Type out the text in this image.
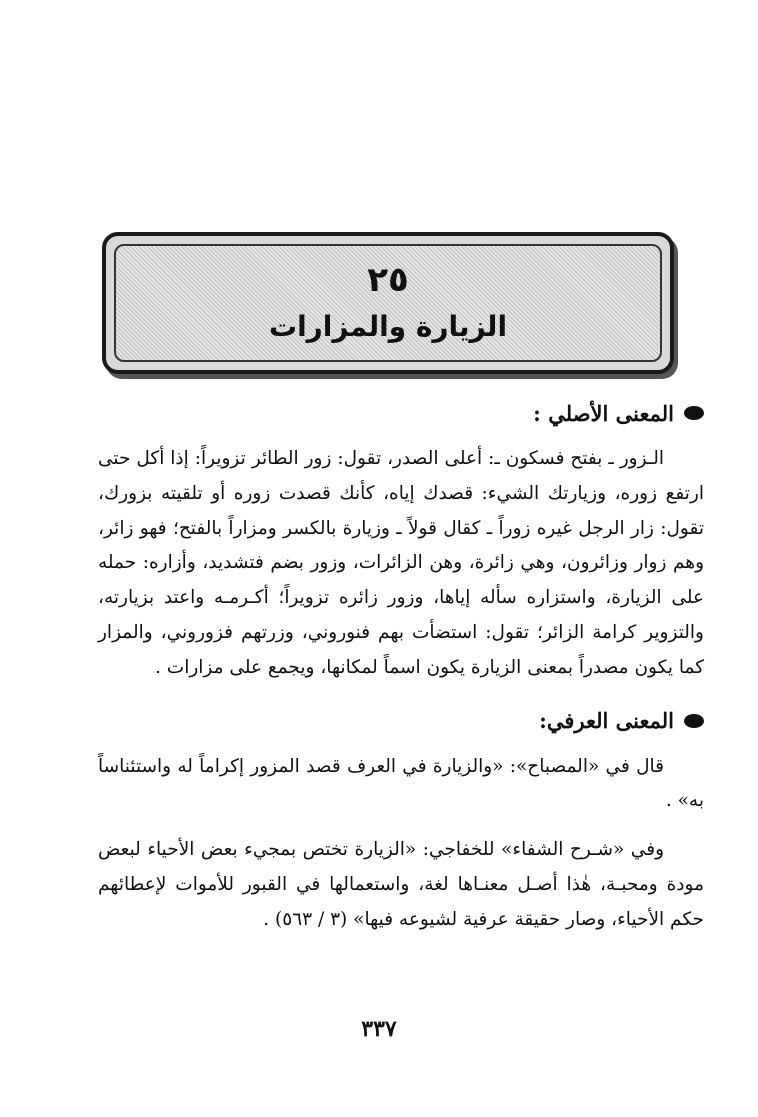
٢٥
الزيارة والمزارات
المعنى الأصلي :

الـزور ـ بفتح فسكون ـ: أعلى الصدر، تقول: زور الطائر تزويراً: إذا أكل حتى ارتفع زوره، وزيارتك الشيء: قصدك إياه، كأنك قصدت زوره أو تلقيته بزورك، تقول: زار الرجل غيره زوراً ـ كقال قولاً ـ وزيارة بالكسر ومزاراً بالفتح؛ فهو زائر، وهم زوار وزائرون، وهي زائرة، وهن الزائرات، وزور بضم فتشديد، وأزاره: حمله على الزيارة، واستزاره سأله إياها، وزور زائره تزويراً؛ أكـرمـه واعتد بزيارته، والتزوير كرامة الزائر؛ تقول: استضأت بهم فنوروني، وزرتهم فزوروني، والمزار كما يكون مصدراً بمعنى الزيارة يكون اسماً لمكانها، ويجمع على مزارات .

المعنى العرفي:

قال في «المصباح»: «والزيارة في العرف قصد المزور إكراماً له واستئناساً به» .

وفي «شـرح الشفاء» للخفاجي: «الزيارة تختص بمجيء بعض الأحياء لبعض مودة ومحبـة، هٰذا أصـل معنـاها لغة، واستعمالها في القبور للأموات لإعطائهم حكم الأحياء، وصار حقيقة عرفية لشيوعه فيها» (٣ / ٥٦٣) .

٣٣٧
